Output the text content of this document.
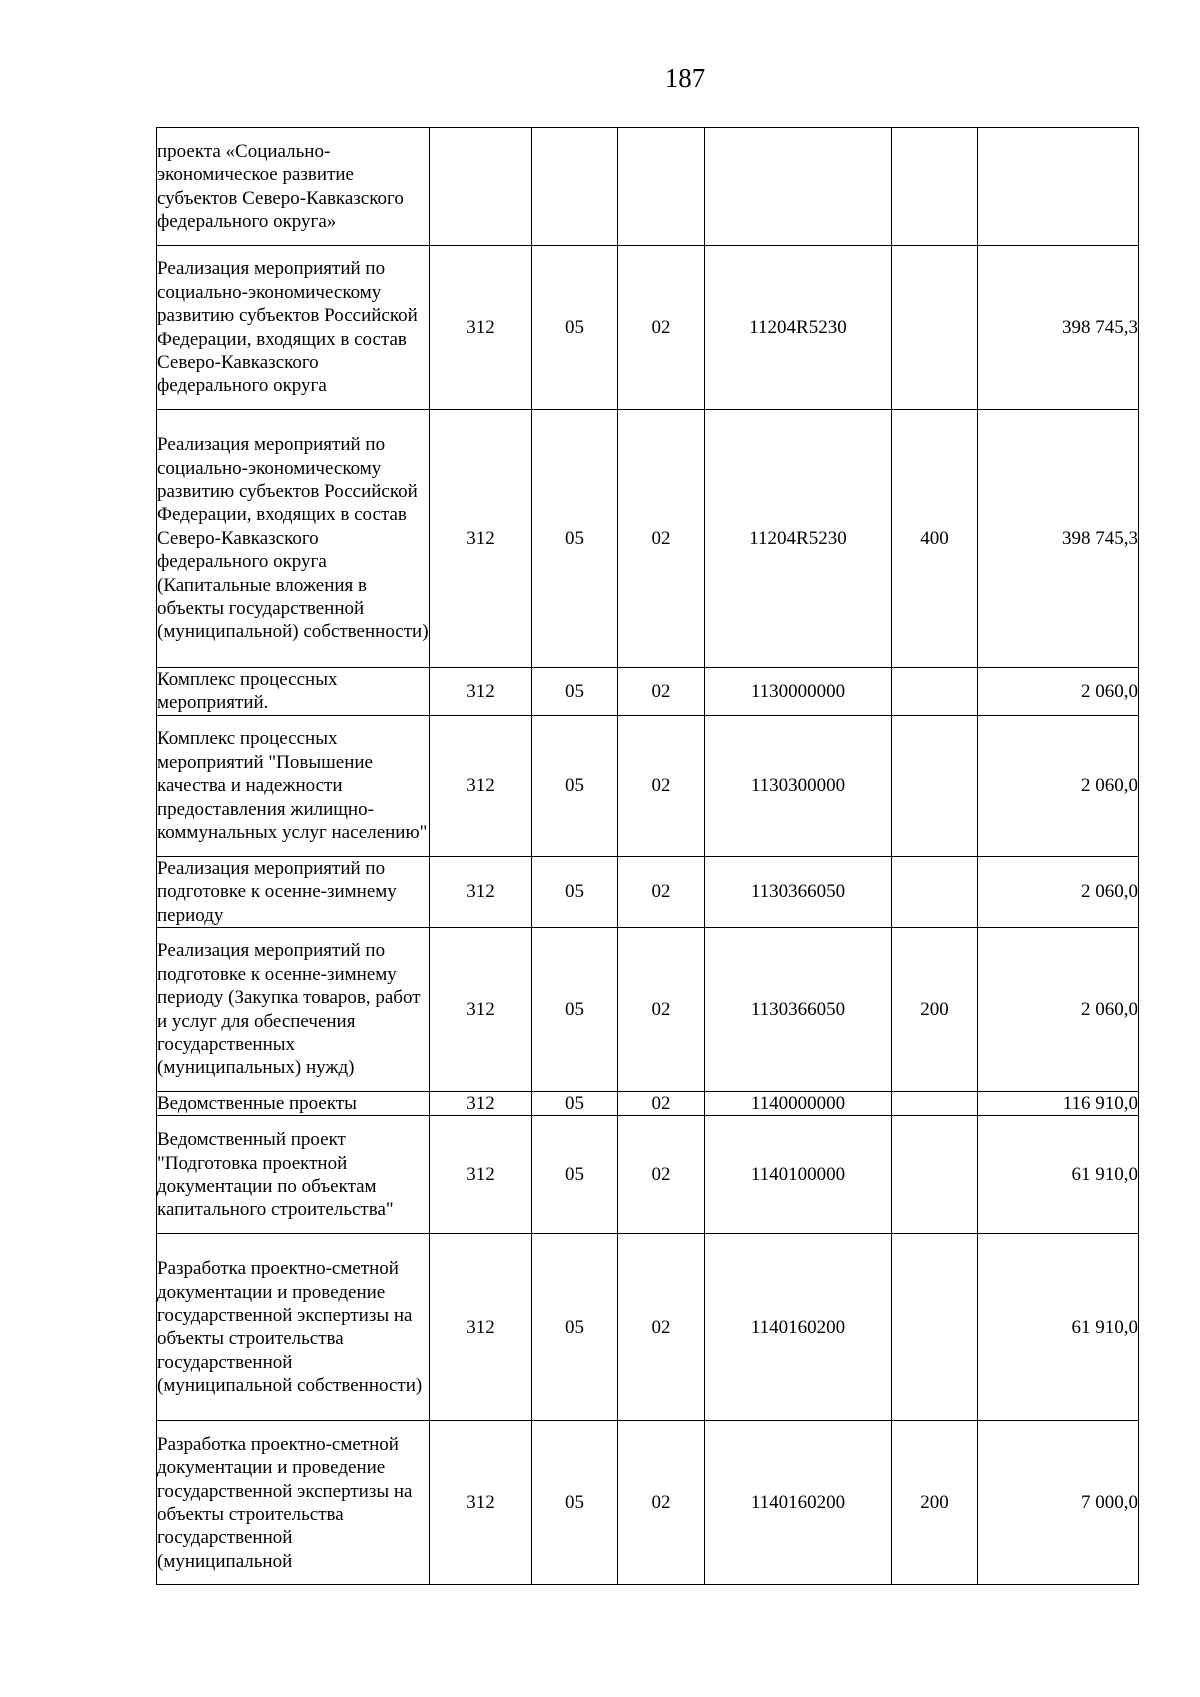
187
проекта «Социально-экономическое развитие субъектов Северо-Кавказского федерального округа»						
Реализация мероприятий по социально-экономическому развитию субъектов Российской Федерации, входящих в состав Северо-Кавказского федерального округа	312	05	02	11204R5230		398 745,3
Реализация мероприятий по социально-экономическому развитию субъектов Российской Федерации, входящих в состав Северо-Кавказского федерального округа (Капитальные вложения в объекты государственной (муниципальной) собственности)	312	05	02	11204R5230	400	398 745,3
Комплекс процессных мероприятий.	312	05	02	1130000000		2 060,0
Комплекс процессных мероприятий "Повышение качества и надежности предоставления жилищно-коммунальных услуг населению"	312	05	02	1130300000		2 060,0
Реализация мероприятий по подготовке к осенне-зимнему периоду	312	05	02	1130366050		2 060,0
Реализация мероприятий по подготовке к осенне-зимнему периоду (Закупка товаров, работ и услуг для обеспечения государственных (муниципальных) нужд)	312	05	02	1130366050	200	2 060,0
Ведомственные проекты	312	05	02	1140000000		116 910,0
Ведомственный проект "Подготовка проектной документации по объектам капитального строительства"	312	05	02	1140100000		61 910,0
Разработка проектно-сметной документации и проведение государственной экспертизы на объекты строительства государственной (муниципальной собственности)	312	05	02	1140160200		61 910,0
Разработка проектно-сметной документации и проведение государственной экспертизы на объекты строительства государственной (муниципальной	312	05	02	1140160200	200	7 000,0
